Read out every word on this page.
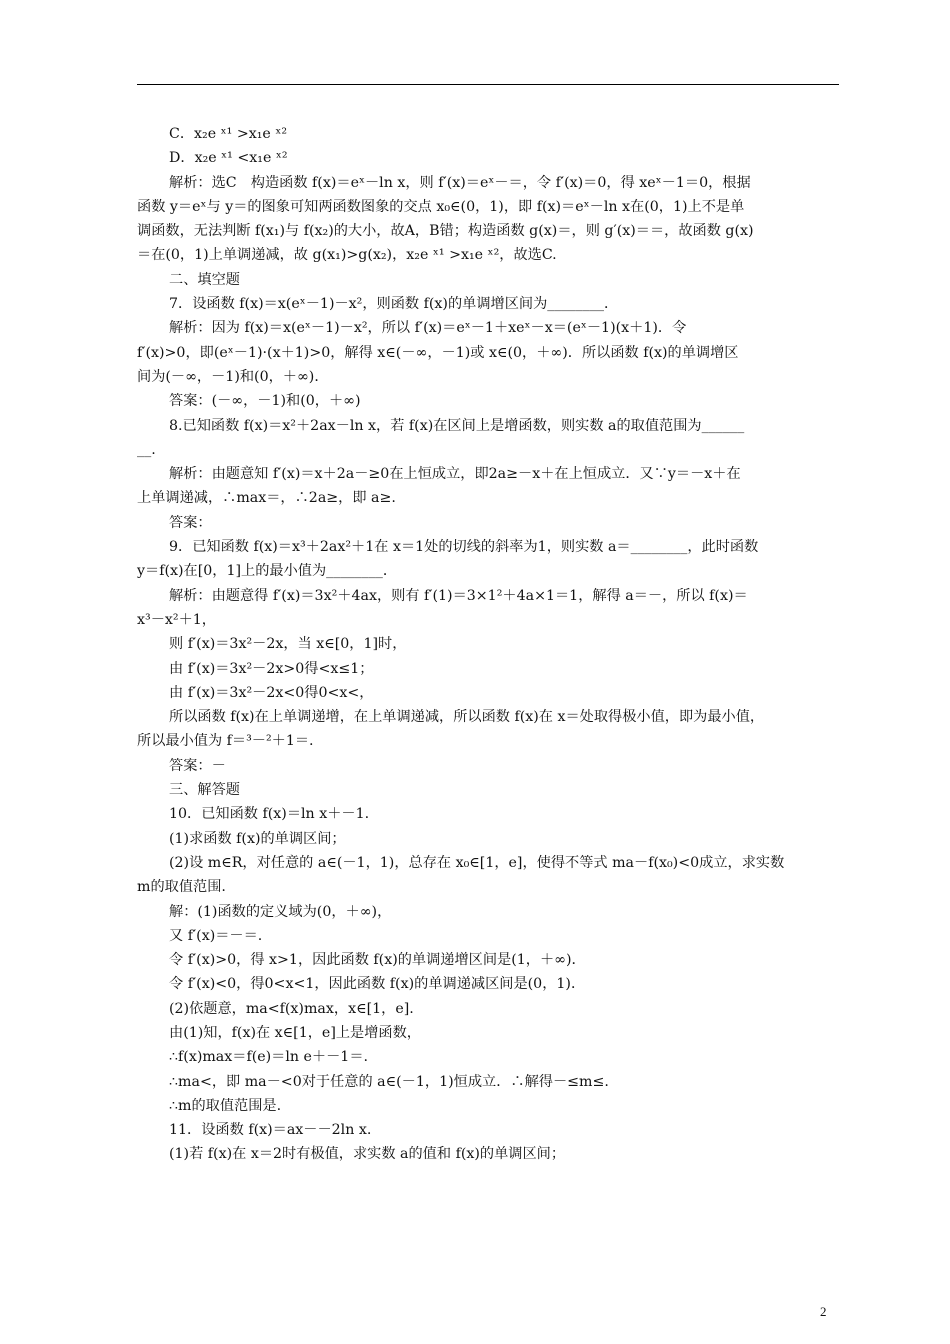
C．x₂e ˣ¹ >x₁e ˣ²

D．x₂e ˣ¹ <x₁e ˣ²

解析：选C　构造函数 f(x)＝eˣ－ln x，则 f′(x)＝eˣ－＝，令 f′(x)＝0，得 xeˣ－1＝0，根据

函数 y＝eˣ与 y＝的图象可知两函数图象的交点 x₀∈(0，1)，即 f(x)＝eˣ－ln x在(0，1)上不是单

调函数，无法判断 f(x₁)与 f(x₂)的大小，故A，B错；构造函数 g(x)＝，则 g′(x)＝＝，故函数 g(x)

＝在(0，1)上单调递减，故 g(x₁)>g(x₂)，x₂e ˣ¹ >x₁e ˣ²，故选C.

二、填空题

7．设函数 f(x)＝x(eˣ－1)－x²，则函数 f(x)的单调增区间为________．

解析：因为 f(x)＝x(eˣ－1)－x²，所以 f′(x)＝eˣ－1＋xeˣ－x＝(eˣ－1)(x＋1)．令

f′(x)>0，即(eˣ－1)·(x＋1)>0，解得 x∈(－∞，－1)或 x∈(0，＋∞)．所以函数 f(x)的单调增区

间为(－∞，－1)和(0，＋∞)．

答案：(－∞，－1)和(0，＋∞)

8.已知函数 f(x)＝x²＋2ax－ln x，若 f(x)在区间上是增函数，则实数 a的取值范围为______

__.

解析：由题意知 f′(x)＝x＋2a－≥0在上恒成立，即2a≥－x＋在上恒成立．又∵y＝－x＋在

上单调递减，∴max＝，∴2a≥，即 a≥.

答案：

9．已知函数 f(x)＝x³＋2ax²＋1在 x＝1处的切线的斜率为1，则实数 a＝________，此时函数

y＝f(x)在[0，1]上的最小值为________．

解析：由题意得 f′(x)＝3x²＋4ax，则有 f′(1)＝3×1²＋4a×1＝1，解得 a＝－，所以 f(x)＝

x³－x²＋1，

则 f′(x)＝3x²－2x，当 x∈[0，1]时，

由 f′(x)＝3x²－2x>0得<x≤1；

由 f′(x)＝3x²－2x<0得0<x<，

所以函数 f(x)在上单调递增，在上单调递减，所以函数 f(x)在 x＝处取得极小值，即为最小值，

所以最小值为 f＝³－²＋1＝.

答案：－

三、解答题

10．已知函数 f(x)＝ln x＋－1.

(1)求函数 f(x)的单调区间；

(2)设 m∈R，对任意的 a∈(－1，1)，总存在 x₀∈[1，e]，使得不等式 ma－f(x₀)<0成立，求实数

m的取值范围.

解：(1)函数的定义域为(0，＋∞)，

又 f′(x)＝－＝.

令 f′(x)>0，得 x>1，因此函数 f(x)的单调递增区间是(1，＋∞)．

令 f′(x)<0，得0<x<1，因此函数 f(x)的单调递减区间是(0，1)．

(2)依题意，ma<f(x)max，x∈[1，e].

由(1)知，f(x)在 x∈[1，e]上是增函数，

∴f(x)max＝f(e)＝ln e＋－1＝.

∴ma<，即 ma－<0对于任意的 a∈(－1，1)恒成立．∴解得－≤m≤.

∴m的取值范围是.

11．设函数 f(x)＝ax－－2ln x.

(1)若 f(x)在 x＝2时有极值，求实数 a的值和 f(x)的单调区间；

2
